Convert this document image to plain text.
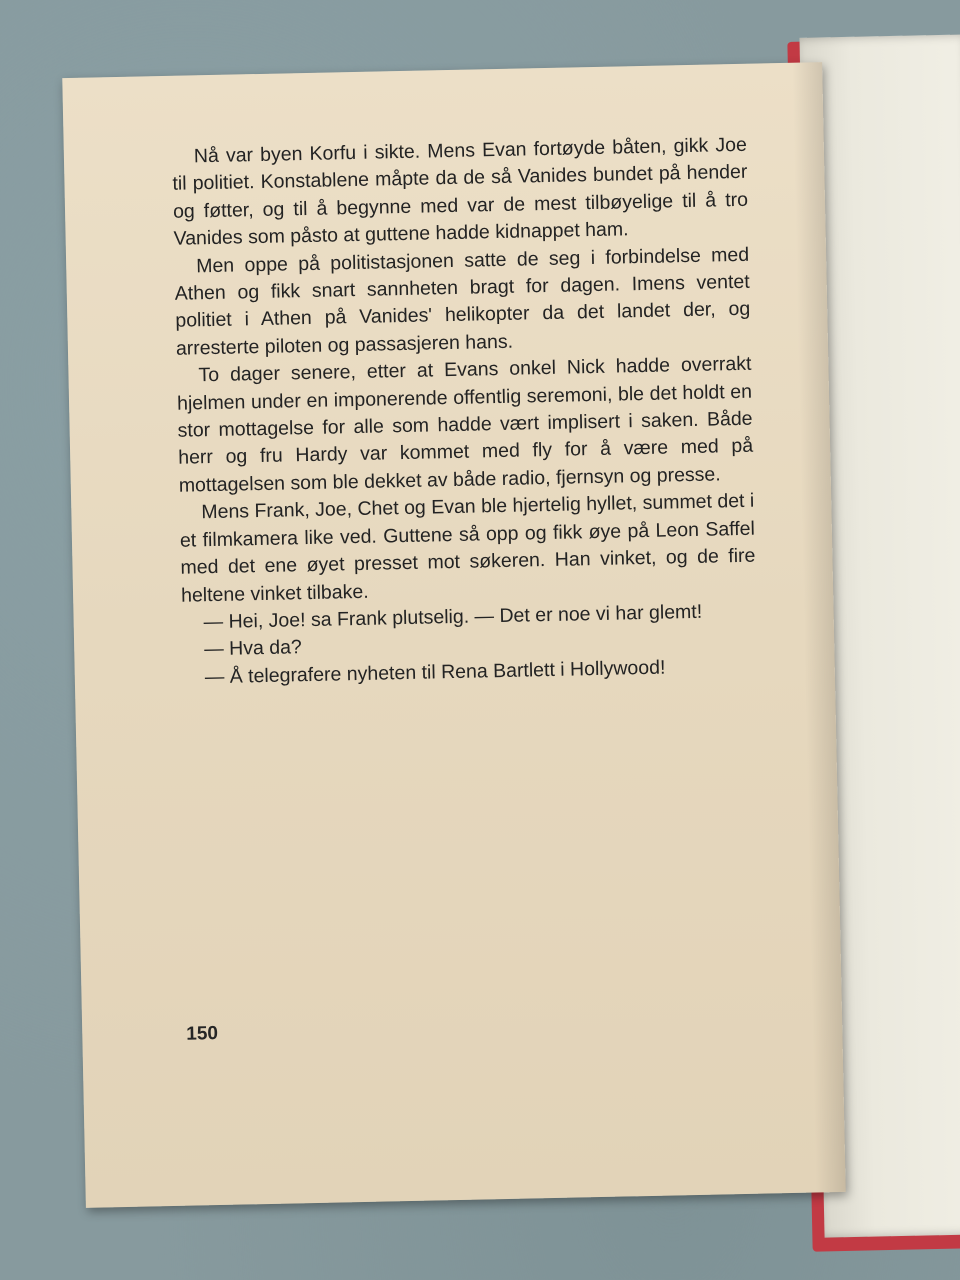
Nå var byen Korfu i sikte. Mens Evan fortøyde båten, gikk Joe til politiet. Konstablene måpte da de så Vanides bundet på hender og føtter, og til å begynne med var de mest tilbøyelige til å tro Vanides som påsto at guttene hadde kidnappet ham.

Men oppe på politistasjonen satte de seg i forbindelse med Athen og fikk snart sannheten bragt for dagen. Imens ventet politiet i Athen på Vanides' helikopter da det landet der, og arresterte piloten og passasjeren hans.

To dager senere, etter at Evans onkel Nick hadde overrakt hjelmen under en imponerende offentlig seremoni, ble det holdt en stor mottagelse for alle som hadde vært implisert i saken. Både herr og fru Hardy var kommet med fly for å være med på mottagelsen som ble dekket av både radio, fjernsyn og presse.

Mens Frank, Joe, Chet og Evan ble hjertelig hyllet, summet det i et filmkamera like ved. Guttene så opp og fikk øye på Leon Saffel med det ene øyet presset mot søkeren. Han vinket, og de fire heltene vinket tilbake.

— Hei, Joe! sa Frank plutselig. — Det er noe vi har glemt!

— Hva da?

— Å telegrafere nyheten til Rena Bartlett i Hollywood!

150
